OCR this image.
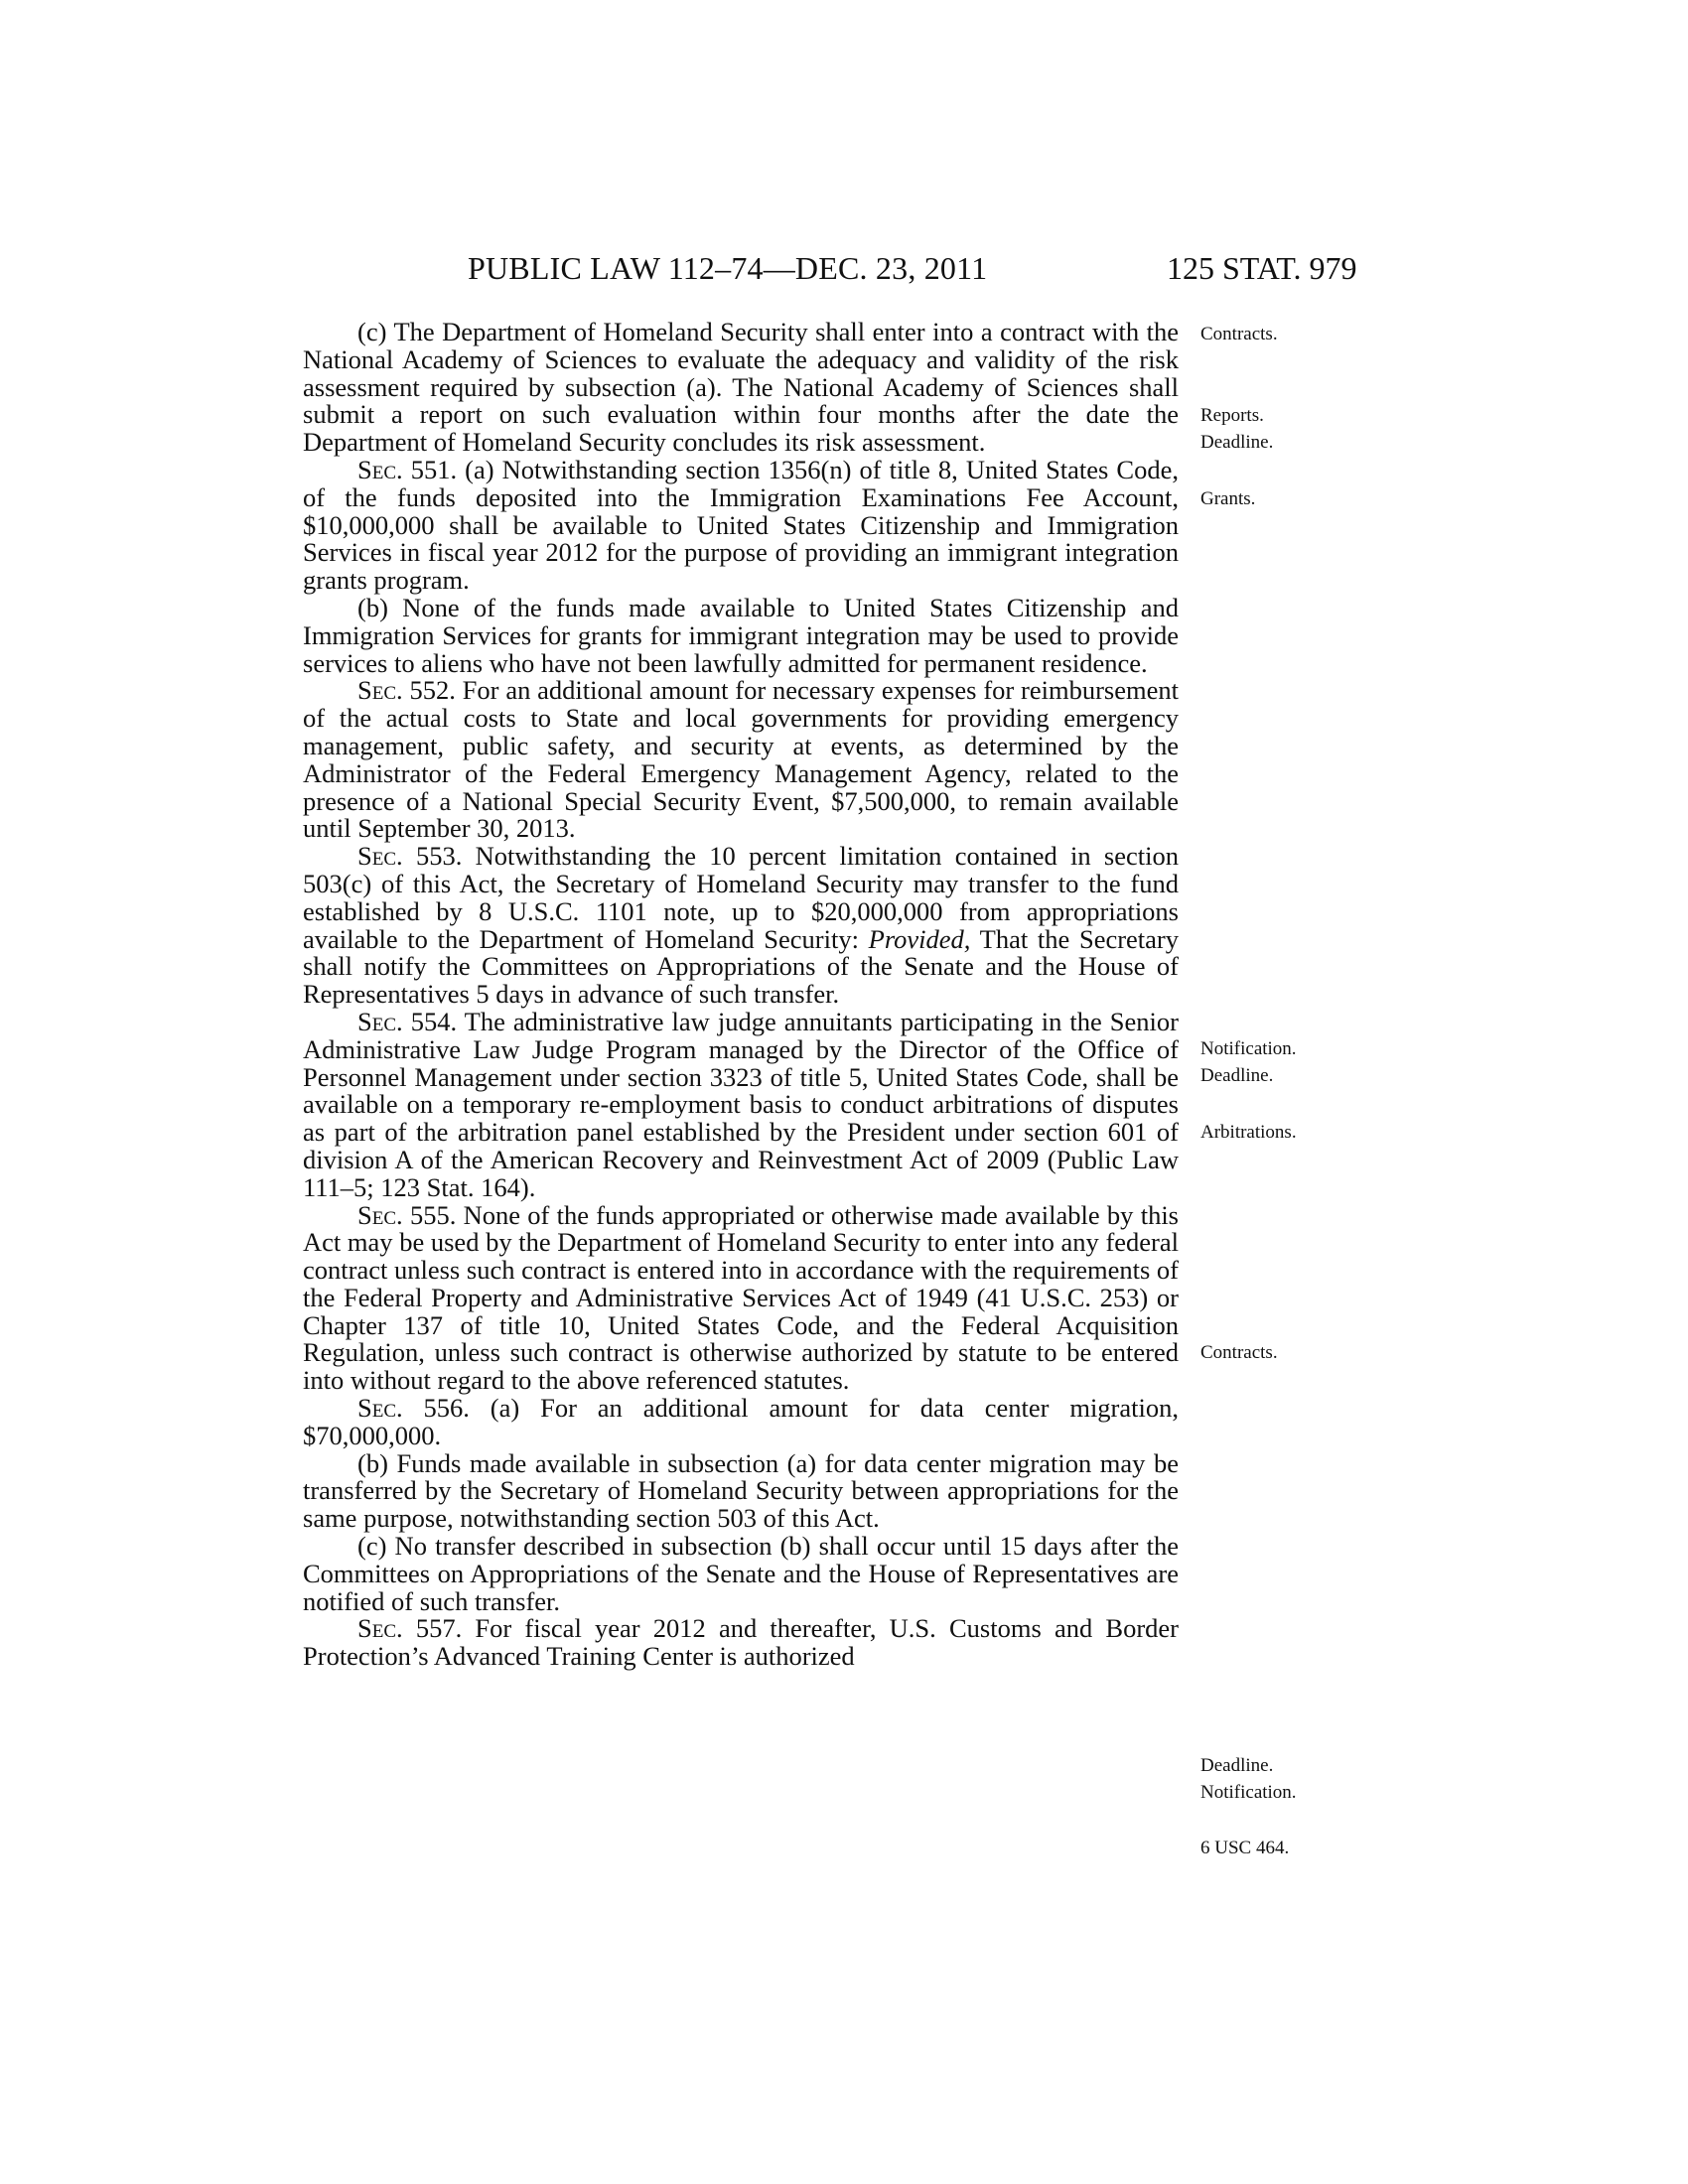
PUBLIC LAW 112–74—DEC. 23, 2011	125 STAT. 979

(c) The Department of Homeland Security shall enter into a contract with the National Academy of Sciences to evaluate the adequacy and validity of the risk assessment required by subsection (a). The National Academy of Sciences shall submit a report on such evaluation within four months after the date the Department of Homeland Security concludes its risk assessment.

Sec. 551. (a) Notwithstanding section 1356(n) of title 8, United States Code, of the funds deposited into the Immigration Examinations Fee Account, $10,000,000 shall be available to United States Citizenship and Immigration Services in fiscal year 2012 for the purpose of providing an immigrant integration grants program.

(b) None of the funds made available to United States Citizenship and Immigration Services for grants for immigrant integration may be used to provide services to aliens who have not been lawfully admitted for permanent residence.

Sec. 552. For an additional amount for necessary expenses for reimbursement of the actual costs to State and local governments for providing emergency management, public safety, and security at events, as determined by the Administrator of the Federal Emergency Management Agency, related to the presence of a National Special Security Event, $7,500,000, to remain available until September 30, 2013.

Sec. 553. Notwithstanding the 10 percent limitation contained in section 503(c) of this Act, the Secretary of Homeland Security may transfer to the fund established by 8 U.S.C. 1101 note, up to $20,000,000 from appropriations available to the Department of Homeland Security: Provided, That the Secretary shall notify the Committees on Appropriations of the Senate and the House of Representatives 5 days in advance of such transfer.

Sec. 554. The administrative law judge annuitants participating in the Senior Administrative Law Judge Program managed by the Director of the Office of Personnel Management under section 3323 of title 5, United States Code, shall be available on a temporary re-employment basis to conduct arbitrations of disputes as part of the arbitration panel established by the President under section 601 of division A of the American Recovery and Reinvestment Act of 2009 (Public Law 111–5; 123 Stat. 164).

Sec. 555. None of the funds appropriated or otherwise made available by this Act may be used by the Department of Homeland Security to enter into any federal contract unless such contract is entered into in accordance with the requirements of the Federal Property and Administrative Services Act of 1949 (41 U.S.C. 253) or Chapter 137 of title 10, United States Code, and the Federal Acquisition Regulation, unless such contract is otherwise authorized by statute to be entered into without regard to the above referenced statutes.

Sec. 556. (a) For an additional amount for data center migration, $70,000,000.

(b) Funds made available in subsection (a) for data center migration may be transferred by the Secretary of Homeland Security between appropriations for the same purpose, notwithstanding section 503 of this Act.

(c) No transfer described in subsection (b) shall occur until 15 days after the Committees on Appropriations of the Senate and the House of Representatives are notified of such transfer.

Sec. 557. For fiscal year 2012 and thereafter, U.S. Customs and Border Protection’s Advanced Training Center is authorized

Contracts.
Reports.
Deadline.
Grants.
Notification.
Deadline.
Arbitrations.
Contracts.
Deadline.
Notification.
6 USC 464.
